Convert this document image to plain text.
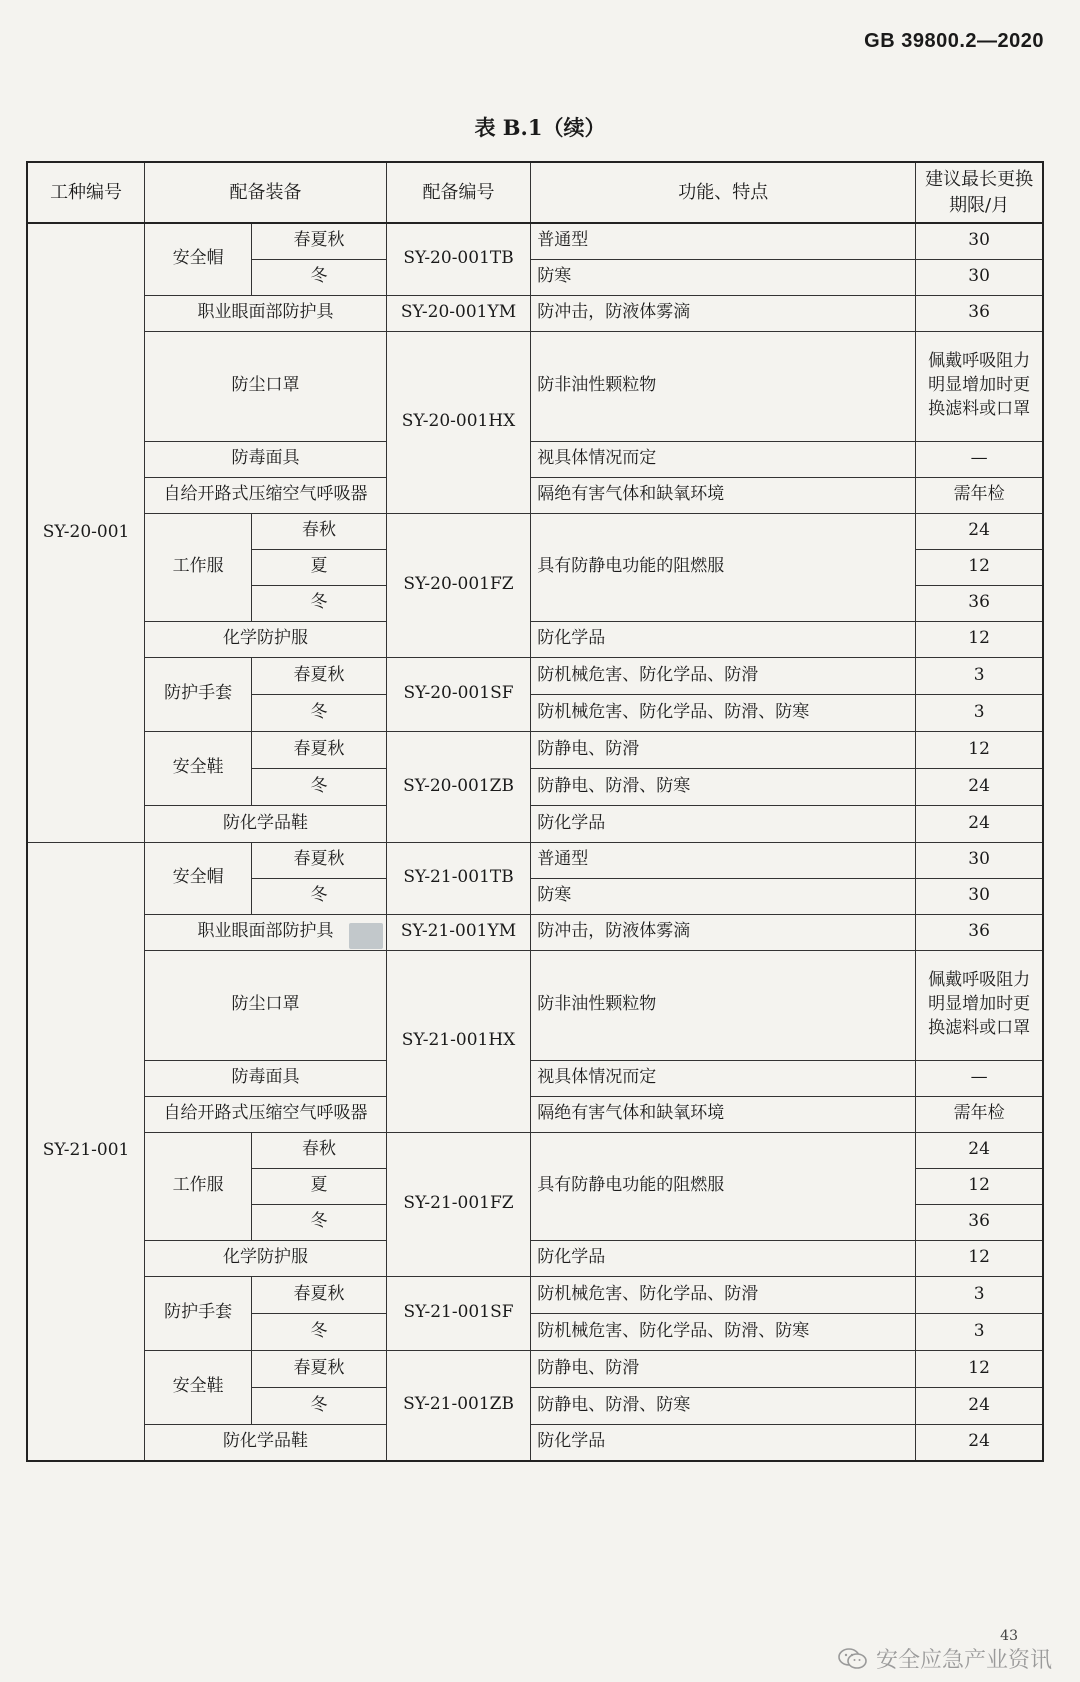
GB 39800.2—2020
表 B.1（续）
工种编号	配备装备		配备编号	功能、特点	建议最长更换期限/月
SY-20-001	安全帽	春夏秋	SY-20-001TB	普通型	30
		冬		防寒	30
	职业眼面部防护具		SY-20-001YM	防冲击，防液体雾滴	36
	防尘口罩		SY-20-001HX	防非油性颗粒物	佩戴呼吸阻力明显增加时更换滤料或口罩
	防毒面具			视具体情况而定	—
	自给开路式压缩空气呼吸器			隔绝有害气体和缺氧环境	需年检
	工作服	春秋	SY-20-001FZ	具有防静电功能的阻燃服	24
		夏			12
		冬			36
	化学防护服			防化学品	12
	防护手套	春夏秋	SY-20-001SF	防机械危害、防化学品、防滑	3
		冬		防机械危害、防化学品、防滑、防寒	3
	安全鞋	春夏秋	SY-20-001ZB	防静电、防滑	12
		冬		防静电、防滑、防寒	24
	防化学品鞋			防化学品	24
SY-21-001	安全帽	春夏秋	SY-21-001TB	普通型	30
		冬		防寒	30
	职业眼面部防护具		SY-21-001YM	防冲击，防液体雾滴	36
	防尘口罩		SY-21-001HX	防非油性颗粒物	佩戴呼吸阻力明显增加时更换滤料或口罩
	防毒面具			视具体情况而定	—
	自给开路式压缩空气呼吸器			隔绝有害气体和缺氧环境	需年检
	工作服	春秋	SY-21-001FZ	具有防静电功能的阻燃服	24
		夏			12
		冬			36
	化学防护服			防化学品	12
	防护手套	春夏秋	SY-21-001SF	防机械危害、防化学品、防滑	3
		冬		防机械危害、防化学品、防滑、防寒	3
	安全鞋	春夏秋	SY-21-001ZB	防静电、防滑	12
		冬		防静电、防滑、防寒	24
	防化学品鞋			防化学品	24
43
安全应急产业资讯
